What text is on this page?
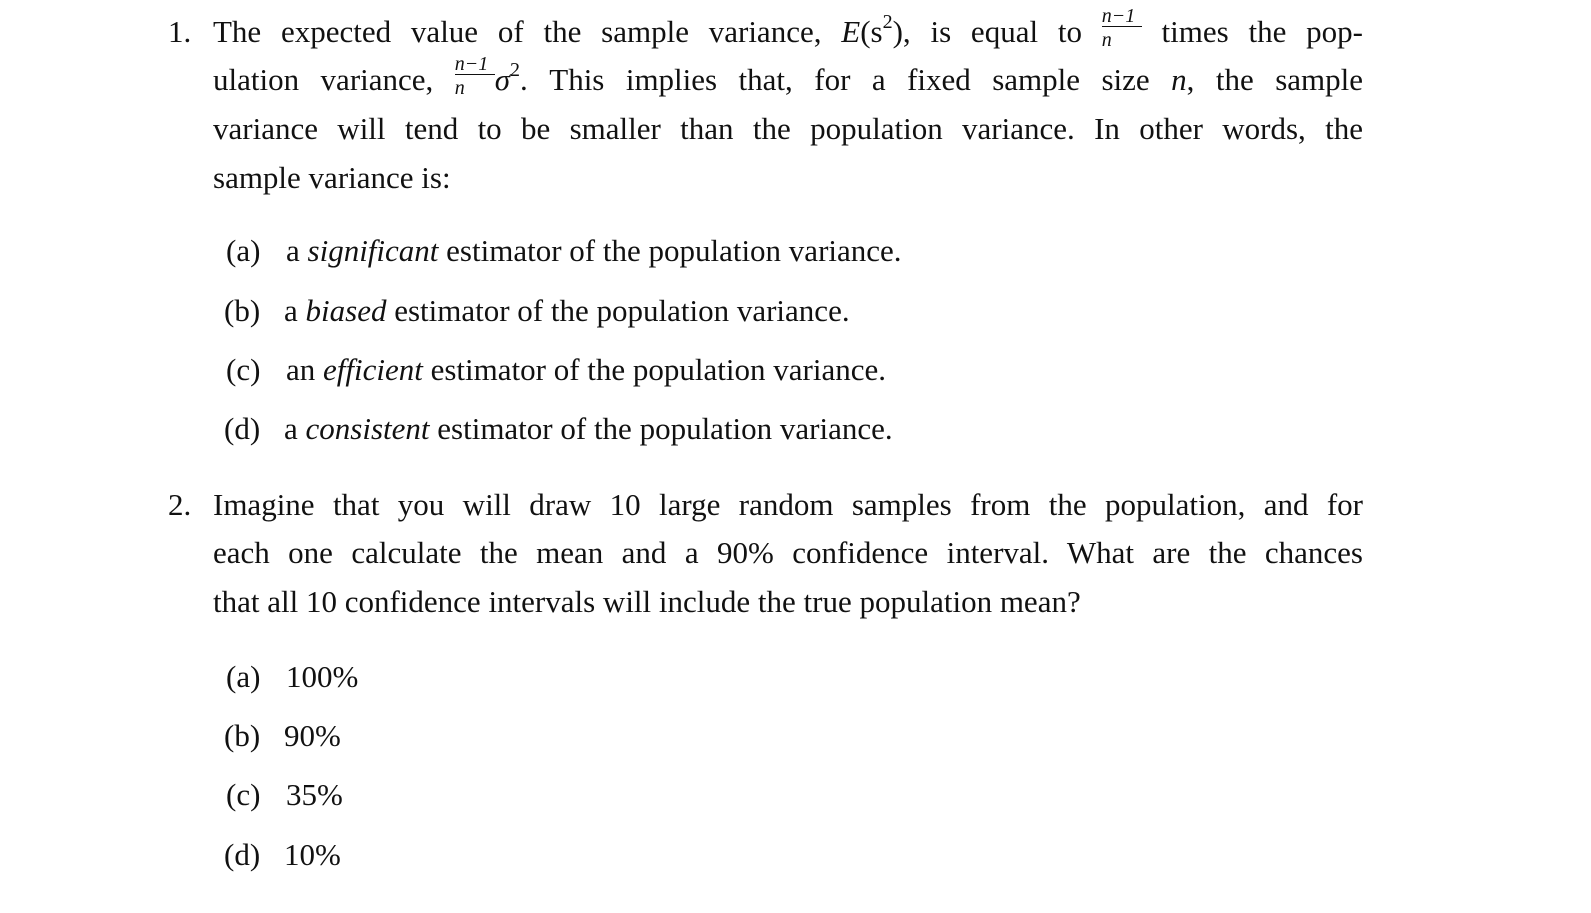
1. The expected value of the sample variance, $E(s^2)$, is equal to $\frac{n-1}{n}$ times the pop-
ulation variance, $\frac{n-1}{n} \sigma^2$. This implies that, for a fixed sample size n, the sample
variance will tend to be smaller than the population variance. In other words, the
sample variance is:
(a) a significant estimator of the population variance.
(b) a biased estimator of the population variance.
(c) an efficient estimator of the population variance.
(d) a consistent estimator of the population variance.
2. Imagine that you will draw 10 large random samples from the population, and for
each one calculate the mean and a 90% confidence interval. What are the chances
that all 10 confidence intervals will include the true population mean?
(a) 100%
(b) 90%
(c) 35%
(d) 10%
